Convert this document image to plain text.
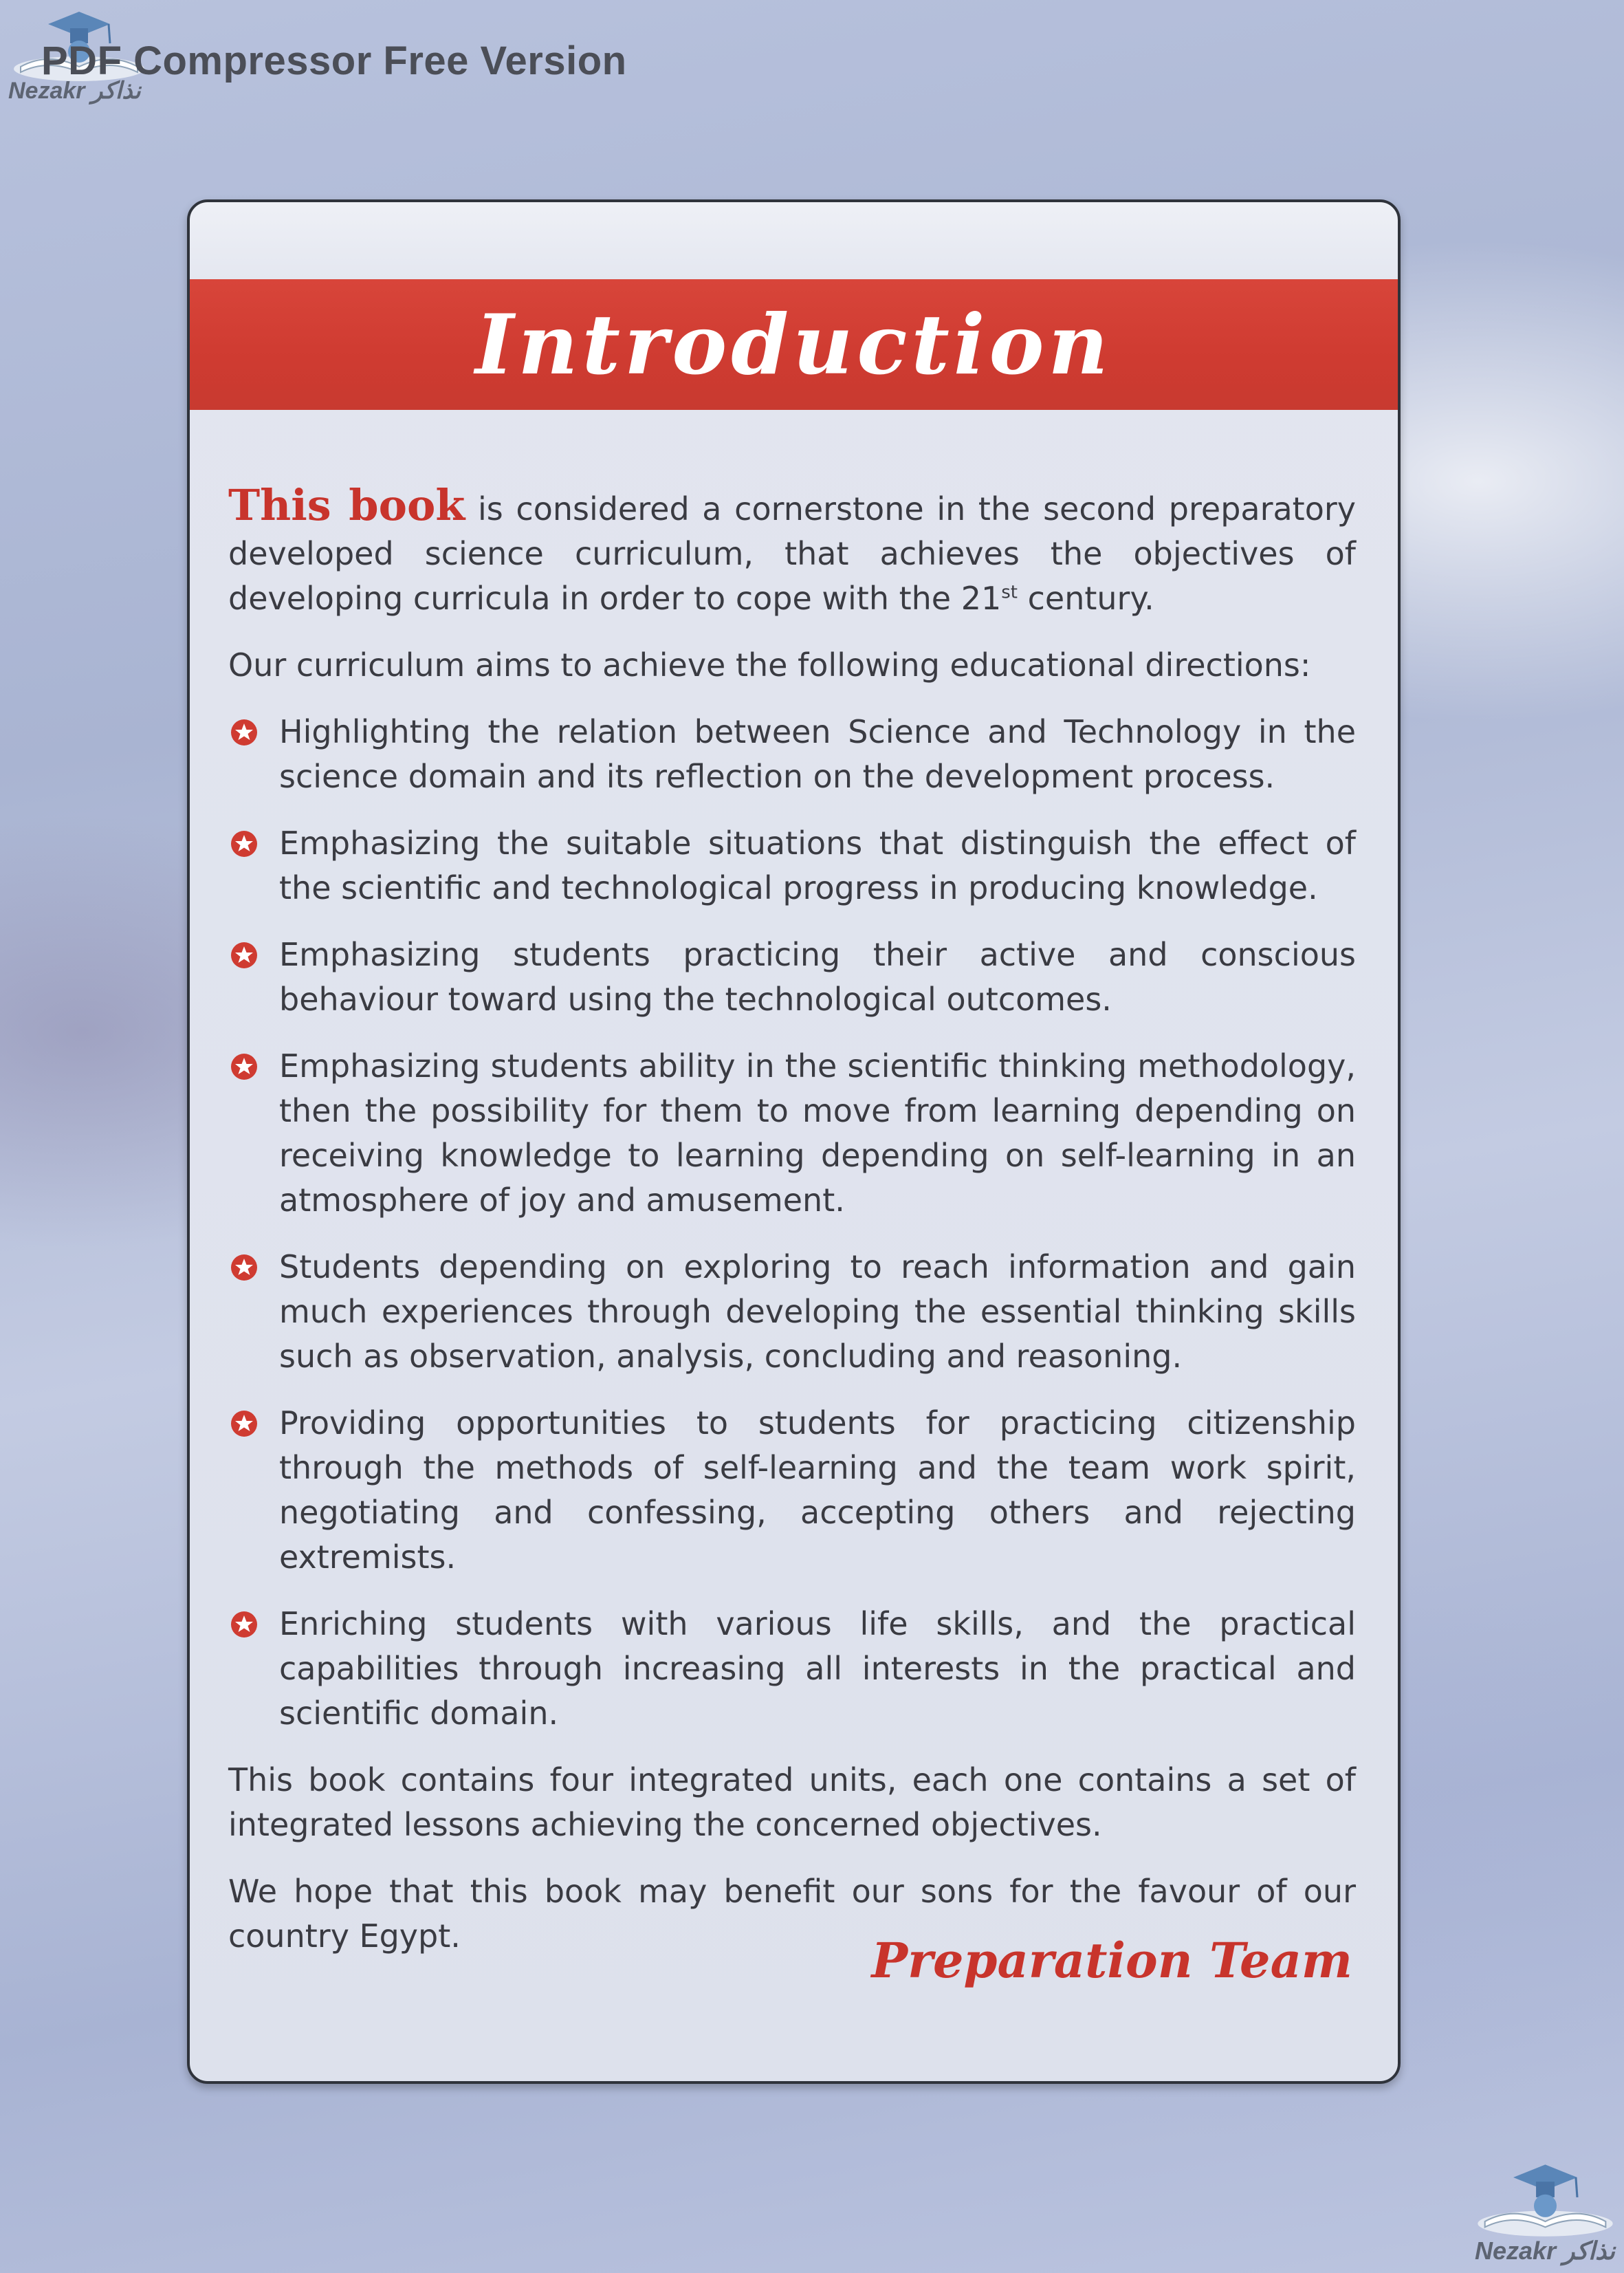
Nezakr نذاكر
PDF Compressor Free Version
Introduction

This book is considered a cornerstone in the second preparatory developed science curriculum, that achieves the objectives of developing curricula in order to cope with the 21st century.

Our curriculum aims to achieve the following educational directions:

Highlighting the relation between Science and Technology in the science domain and its reflection on the development process.
Emphasizing the suitable situations that distinguish the effect of the scientific and technological progress in producing knowledge.
Emphasizing students practicing their active and conscious behaviour toward using the technological outcomes.
Emphasizing students ability in the scientific thinking methodology, then the possibility for them to move from learning depending on receiving knowledge to learning depending on self-learning in an atmosphere of joy and amusement.
Students depending on exploring to reach information and gain much experiences through developing the essential thinking skills such as observation, analysis, concluding and reasoning.
Providing opportunities to students for practicing citizenship through the methods of self-learning and the team work spirit, negotiating and confessing, accepting others and rejecting extremists.
Enriching students with various life skills, and the practical capabilities through increasing all interests in the practical and scientific domain.

This book contains four integrated units, each one contains a set of integrated lessons achieving the concerned objectives.

We hope that this book may benefit our sons for the favour of our country Egypt.	Preparation Team
Nezakr نذاكر
